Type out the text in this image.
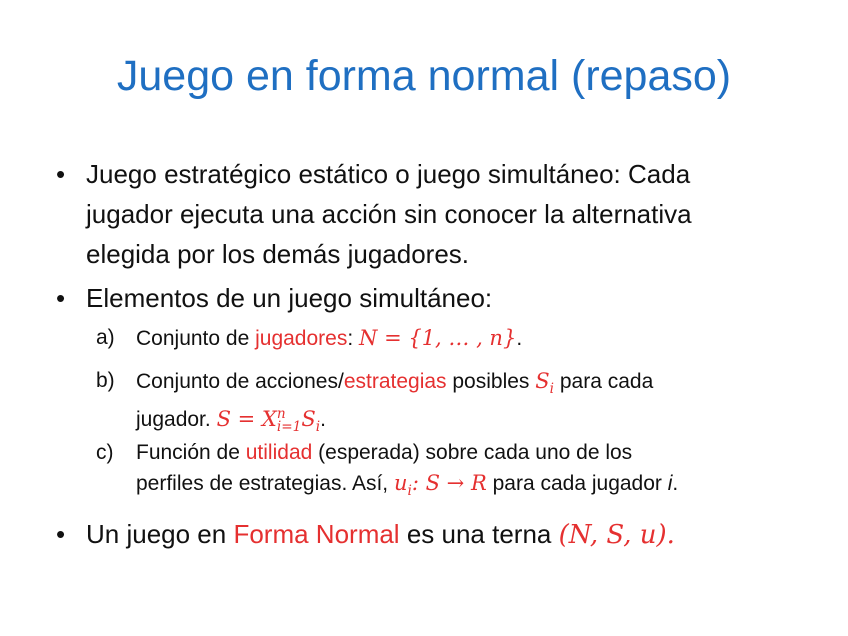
Juego en forma normal (repaso)
• Juego estratégico estático o juego simultáneo: Cada
jugador ejecuta una acción sin conocer la alternativa
elegida por los demás jugadores.
• Elementos de un juego simultáneo:
a) Conjunto de jugadores: N = {1, … , n}.
b) Conjunto de acciones/estrategias posibles $S_i$ para cada
jugador. S = X n
i=1 $S_i$.
c) Función de utilidad (esperada) sobre cada uno de los
perfiles de estrategias. Así, $u_i$: S → R para cada jugador i.
• Un juego en Forma Normal es una terna (N, S, u).
